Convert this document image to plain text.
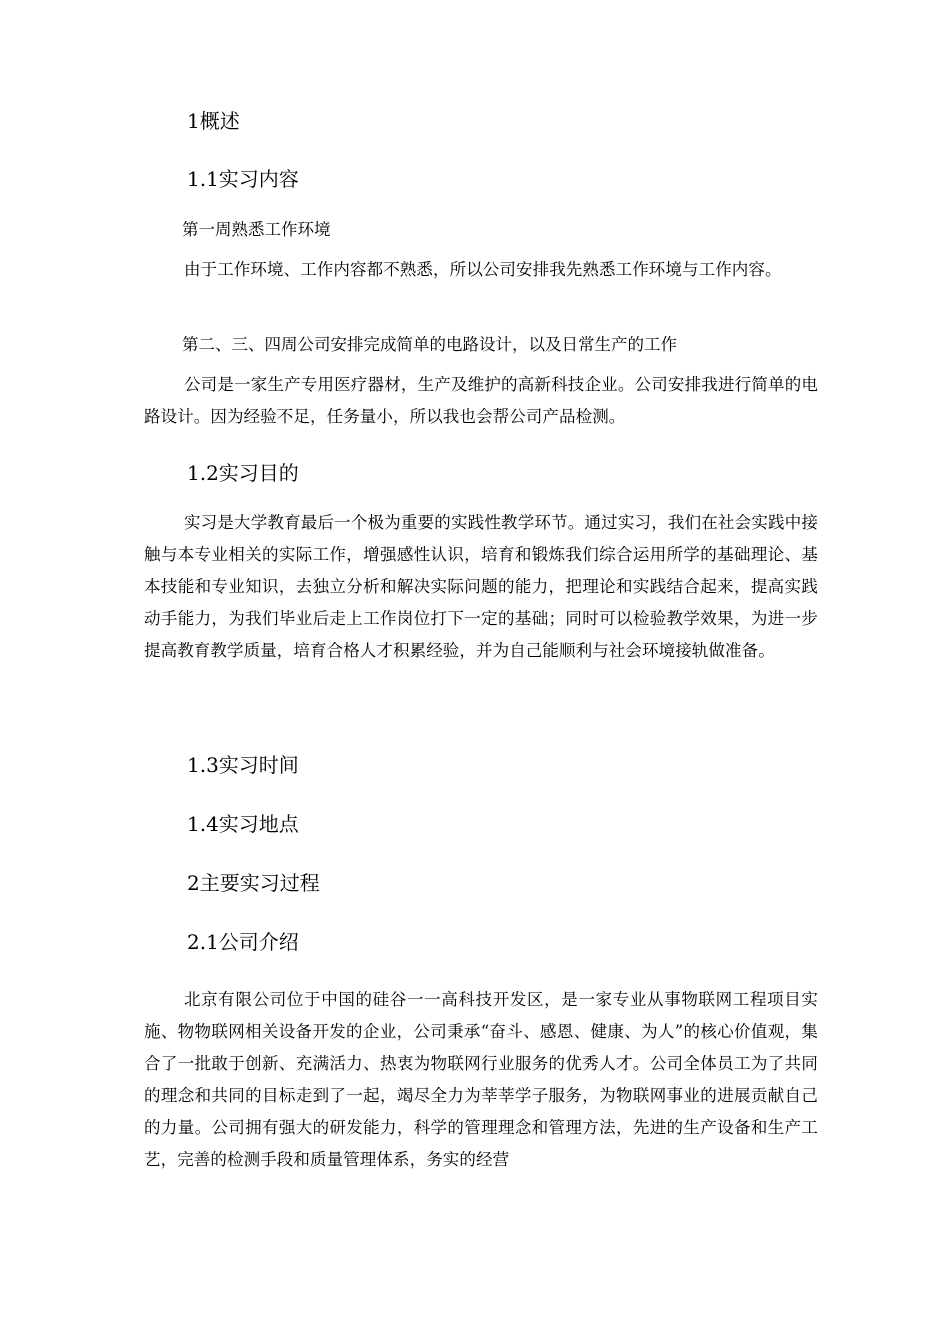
1概述
1.1实习内容
第一周熟悉工作环境
由于工作环境、工作内容都不熟悉，所以公司安排我先熟悉工作环境与工作内容。
第二、三、四周公司安排完成简单的电路设计，以及日常生产的工作
公司是一家生产专用医疗器材，生产及维护的高新科技企业。公司安排我进行简单的电路设计。因为经验不足，任务量小，所以我也会帮公司产品检测。
1.2实习目的
实习是大学教育最后一个极为重要的实践性教学环节。通过实习，我们在社会实践中接触与本专业相关的实际工作，增强感性认识，培育和锻炼我们综合运用所学的基础理论、基本技能和专业知识，去独立分析和解决实际问题的能力，把理论和实践结合起来，提高实践动手能力，为我们毕业后走上工作岗位打下一定的基础；同时可以检验教学效果，为进一步提高教育教学质量，培育合格人才积累经验，并为自己能顺利与社会环境接轨做准备。
1.3实习时间
1.4实习地点
2主要实习过程
2.1公司介绍
北京有限公司位于中国的硅谷一一高科技开发区，是一家专业从事物联网工程项目实施、物物联网相关设备开发的企业，公司秉承“奋斗、感恩、健康、为人”的核心价值观，集合了一批敢于创新、充满活力、热衷为物联网行业服务的优秀人才。公司全体员工为了共同的理念和共同的目标走到了一起，竭尽全力为莘莘学子服务，为物联网事业的进展贡献自己的力量。公司拥有强大的研发能力，科学的管理理念和管理方法，先进的生产设备和生产工艺，完善的检测手段和质量管理体系，务实的经营
